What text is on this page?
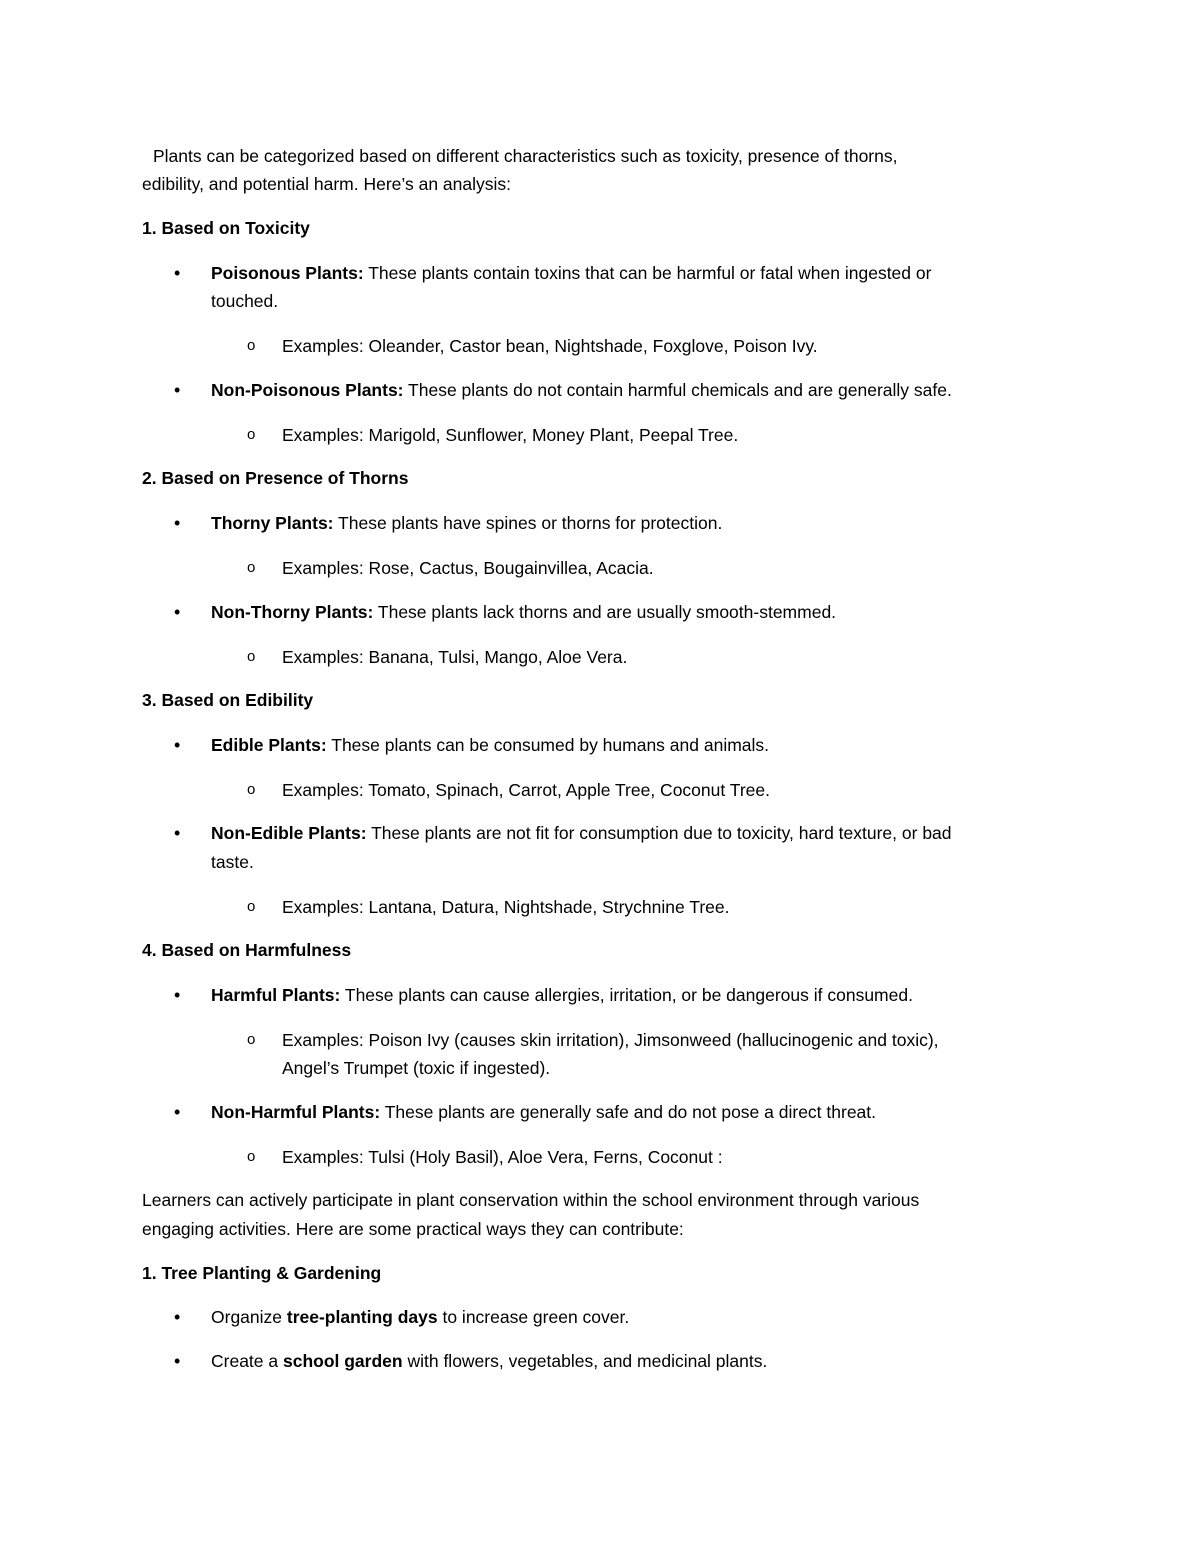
Plants can be categorized based on different characteristics such as toxicity, presence of thorns,
edibility, and potential harm. Here’s an analysis:
1. Based on Toxicity
• Poisonous Plants: These plants contain toxins that can be harmful or fatal when ingested or
touched.
o Examples: Oleander, Castor bean, Nightshade, Foxglove, Poison Ivy.
• Non-Poisonous Plants: These plants do not contain harmful chemicals and are generally safe.
o Examples: Marigold, Sunflower, Money Plant, Peepal Tree.
2. Based on Presence of Thorns
• Thorny Plants: These plants have spines or thorns for protection.
o Examples: Rose, Cactus, Bougainvillea, Acacia.
• Non-Thorny Plants: These plants lack thorns and are usually smooth-stemmed.
o Examples: Banana, Tulsi, Mango, Aloe Vera.
3. Based on Edibility
• Edible Plants: These plants can be consumed by humans and animals.
o Examples: Tomato, Spinach, Carrot, Apple Tree, Coconut Tree.
• Non-Edible Plants: These plants are not fit for consumption due to toxicity, hard texture, or bad
taste.
o Examples: Lantana, Datura, Nightshade, Strychnine Tree.
4. Based on Harmfulness
• Harmful Plants: These plants can cause allergies, irritation, or be dangerous if consumed.
o Examples: Poison Ivy (causes skin irritation), Jimsonweed (hallucinogenic and toxic),
Angel’s Trumpet (toxic if ingested).
• Non-Harmful Plants: These plants are generally safe and do not pose a direct threat.
o Examples: Tulsi (Holy Basil), Aloe Vera, Ferns, Coconut :
Learners can actively participate in plant conservation within the school environment through various
engaging activities. Here are some practical ways they can contribute:
1. Tree Planting & Gardening
• Organize tree-planting days to increase green cover.
• Create a school garden with flowers, vegetables, and medicinal plants.
